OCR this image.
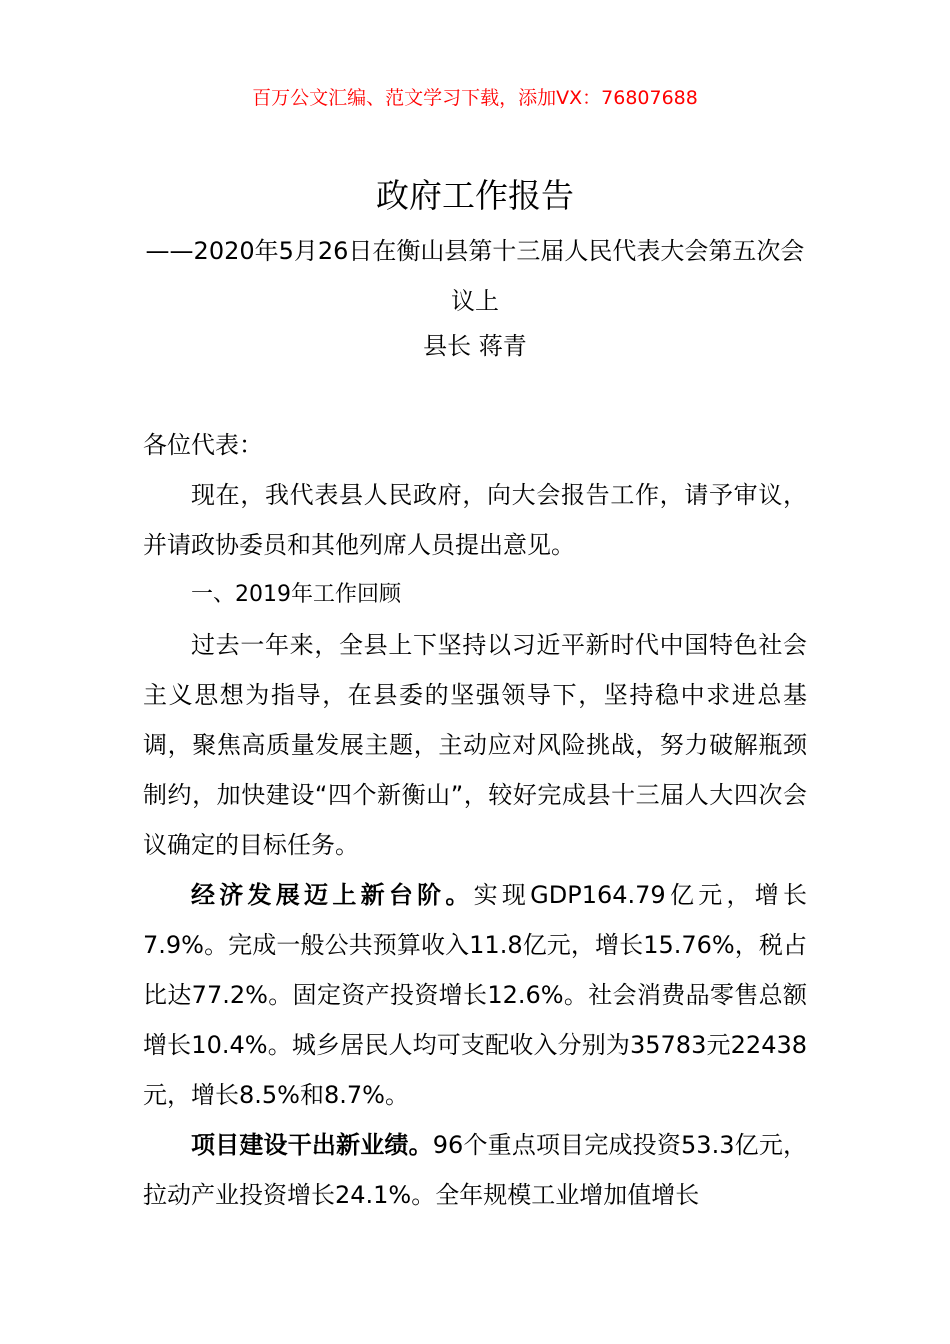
百万公文汇编、范文学习下载，添加VX：76807688
政府工作报告
——2020年5月26日在衡山县第十三届人民代表大会第五次会议上
县长 蒋青

各位代表：

现在，我代表县人民政府，向大会报告工作，请予审议，并请政协委员和其他列席人员提出意见。

一、2019年工作回顾

过去一年来，全县上下坚持以习近平新时代中国特色社会主义思想为指导，在县委的坚强领导下，坚持稳中求进总基调，聚焦高质量发展主题，主动应对风险挑战，努力破解瓶颈制约，加快建设“四个新衡山”，较好完成县十三届人大四次会议确定的目标任务。

经济发展迈上新台阶。实现GDP164.79亿元，增长7.9%。完成一般公共预算收入11.8亿元，增长15.76%，税占比达77.2%。固定资产投资增长12.6%。社会消费品零售总额增长10.4%。城乡居民人均可支配收入分别为35783元22438元，增长8.5%和8.7%。

项目建设干出新业绩。96个重点项目完成投资53.3亿元，拉动产业投资增长24.1%。全年规模工业增加值增长
